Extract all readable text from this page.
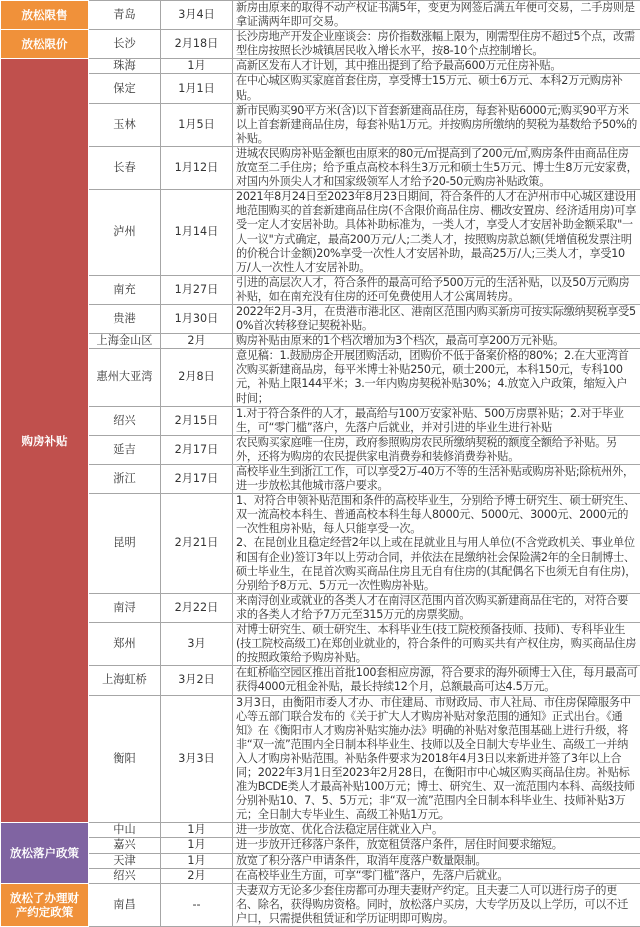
放松限售	青岛	3月4日	新房由原来的取得不动产权证书满5年，变更为网签后满五年便可交易，二手房则是拿证满两年即可交易。

放松限价	长沙	2月18日	长沙房地产开发企业座谈会：房价指数涨幅上限为，刚需型住房不超过5个点，改需型住房按照长沙城镇居民收入增长水平，按8-10个点控制增长。

购房补贴	珠海	1月	高新区发布人才计划，其中推出提到了给予最高600万元住房补贴。

	保定	1月1日	在中心城区购买家庭首套住房，享受博士15万元、硕士6万元、本科2万元购房补贴。

	玉林	1月5日	新市民购买90平方米(含)以下首套新建商品住房，每套补贴6000元;购买90平方米以上首套新建商品住房，每套补贴1万元。并按购房所缴纳的契税为基数给予50%的补贴。

	长春	1月12日	进城农民购房补贴金额也由原来的80元/㎡提高到了200元/㎡,购房条件由商品住房放宽至二手住房；给予重点高校本科生3万元和硕士生5万元、博士生8万元安家费，对国内外顶尖人才和国家级领军人才给予20-50元购房补贴政策。

	泸州	1月14日	2021年8月24日至2023年8月23日期间，符合条件的人才在泸州市中心城区建设用地范围购买的首套新建商品住房(不含限价商品住房、棚改安置房、经济适用房)可享受一定人才安居补助。具体补助标准为，一类人才，享受人才安居补助金额采取"一人一议"方式确定，最高200万元/人;二类人才，按照购房款总额(凭增值税发票注明的价税合计金额)20%享受一次性人才安居补助，最高25万/人;三类人才，享受10万/人一次性人才安居补助。

	南充	1月27日	引进的高层次人才，符合条件的最高可给予500万元的生活补贴，以及50万元购房补贴，如在南充没有住房的还可免费使用人才公寓周转房。

	贵港	1月30日	2022年2月-3月，在贵港市港北区、港南区范围内购买新房可按实际缴纳契税享受50%首次转移登记契税补贴。

	上海金山区	2月	购房补贴由原来的1个档次增加为3个档次，最高可享200万元补贴。

	惠州大亚湾	2月8日	意见稿：1.鼓励房企开展团购活动，团购价不低于备案价格的80%；2.在大亚湾首次购买新建商品房，每平米博士补贴250元，硕士200元，本科150元，专科100元，补贴上限144平米；3.一年内购房契税补贴30%；4.放宽入户政策，缩短入户时间；

	绍兴	2月15日	1.对于符合条件的人才，最高给与100万安家补贴、500万房票补贴；2.对于毕业生，可“零门槛”落户，先落户后就业，并对引进的毕业生进行补贴

	延吉	2月17日	农民购买家庭唯一住房，政府参照购房农民所缴纳契税的额度全额给予补贴。另外，还将为购房的农民提供家电消费券和装修消费券补贴。

	浙江	2月17日	高校毕业生到浙江工作，可以享受2万-40万不等的生活补贴或购房补贴;除杭州外，进一步放松其他城市落户要求。

	昆明	2月21日	1、对符合申领补贴范围和条件的高校毕业生，分别给予博士研究生、硕士研究生、双一流高校本科生、普通高校本科生每人8000元、5000元、3000元、2000元的一次性租房补贴，每人只能享受一次。
2、在昆创业且稳定经营2年以上或在昆就业且与用人单位(不含党政机关、事业单位和国有企业)签订3年以上劳动合同，并依法在昆缴纳社会保险满2年的全日制博士、硕士毕业生，在昆首次购买商品住房且无自有住房的(其配偶名下也须无自有住房)，分别给予8万元、5万元一次性购房补贴。

	南浔	2月22日	来南浔创业或就业的各类人才在南浔区范围内首次购买新建商品住宅的，对符合要求的各类人才给予7万元至315万元的房票奖励。

	郑州	3月	对博士研究生、硕士研究生、本科毕业生(技工院校预备技师、技师)、专科毕业生(技工院校高级工)在郑创业就业的，符合条件的可购买共有产权住房，购买商品住房的按照政策给予购房补贴。

	上海虹桥	3月2日	在虹桥临空园区推出首批100套相应房源，符合要求的海外硕博士入住，每月最高可获得4000元租金补贴，最长持续12个月，总额最高可达4.5万元。

	衡阳	3月3日	3月3日，由衡阳市委人才办、市住建局、市财政局、市人社局、市住房保障服务中心等五部门联合发布的《关于扩大人才购房补贴对象范围的通知》正式出台。《通知》在《衡阳市人才购房补贴实施办法》明确的补贴对象范围基础上进行升级，将非“双一流”范围内全日制本科毕业生、技师以及全日制大专毕业生、高级工一并纳入人才购房补贴范围。补贴条件要求为2018年4月3日以来新进并签了3年以上合同；2022年3月1日至2023年2月28日，在衡阳市中心城区购买商品住房。补贴标准为BCDE类人才最高补贴100万元；博士、研究生、双一流范围内本科、高级技师分别补贴10、7、5、5万元；非“双一流”范围内全日制本科毕业生、技师补贴3万元；全日制大专毕业生、高级工补贴1万元。

放松落户政策	中山	1月	进一步放宽、优化合法稳定居住就业入户。

	嘉兴	1月	进一步放开迁移落户条件，放宽租赁落户条件，居住时间要求缩短。

	天津	1月	放宽了积分落户申请条件，取消年度落户数量限制。

	绍兴	2月	在高校毕业生方面，可享“零门槛”落户，先落户后就业。

放松了办理财产约定政策	南昌	--	夫妻双方无论多少套住房都可办理夫妻财产约定。且夫妻二人可以进行房子的更名、除名，获得购房资格。同时，放松落户买房，大专学历及以上学历，可以不迁户口，只需提供租赁证和学历证明即可购房。
